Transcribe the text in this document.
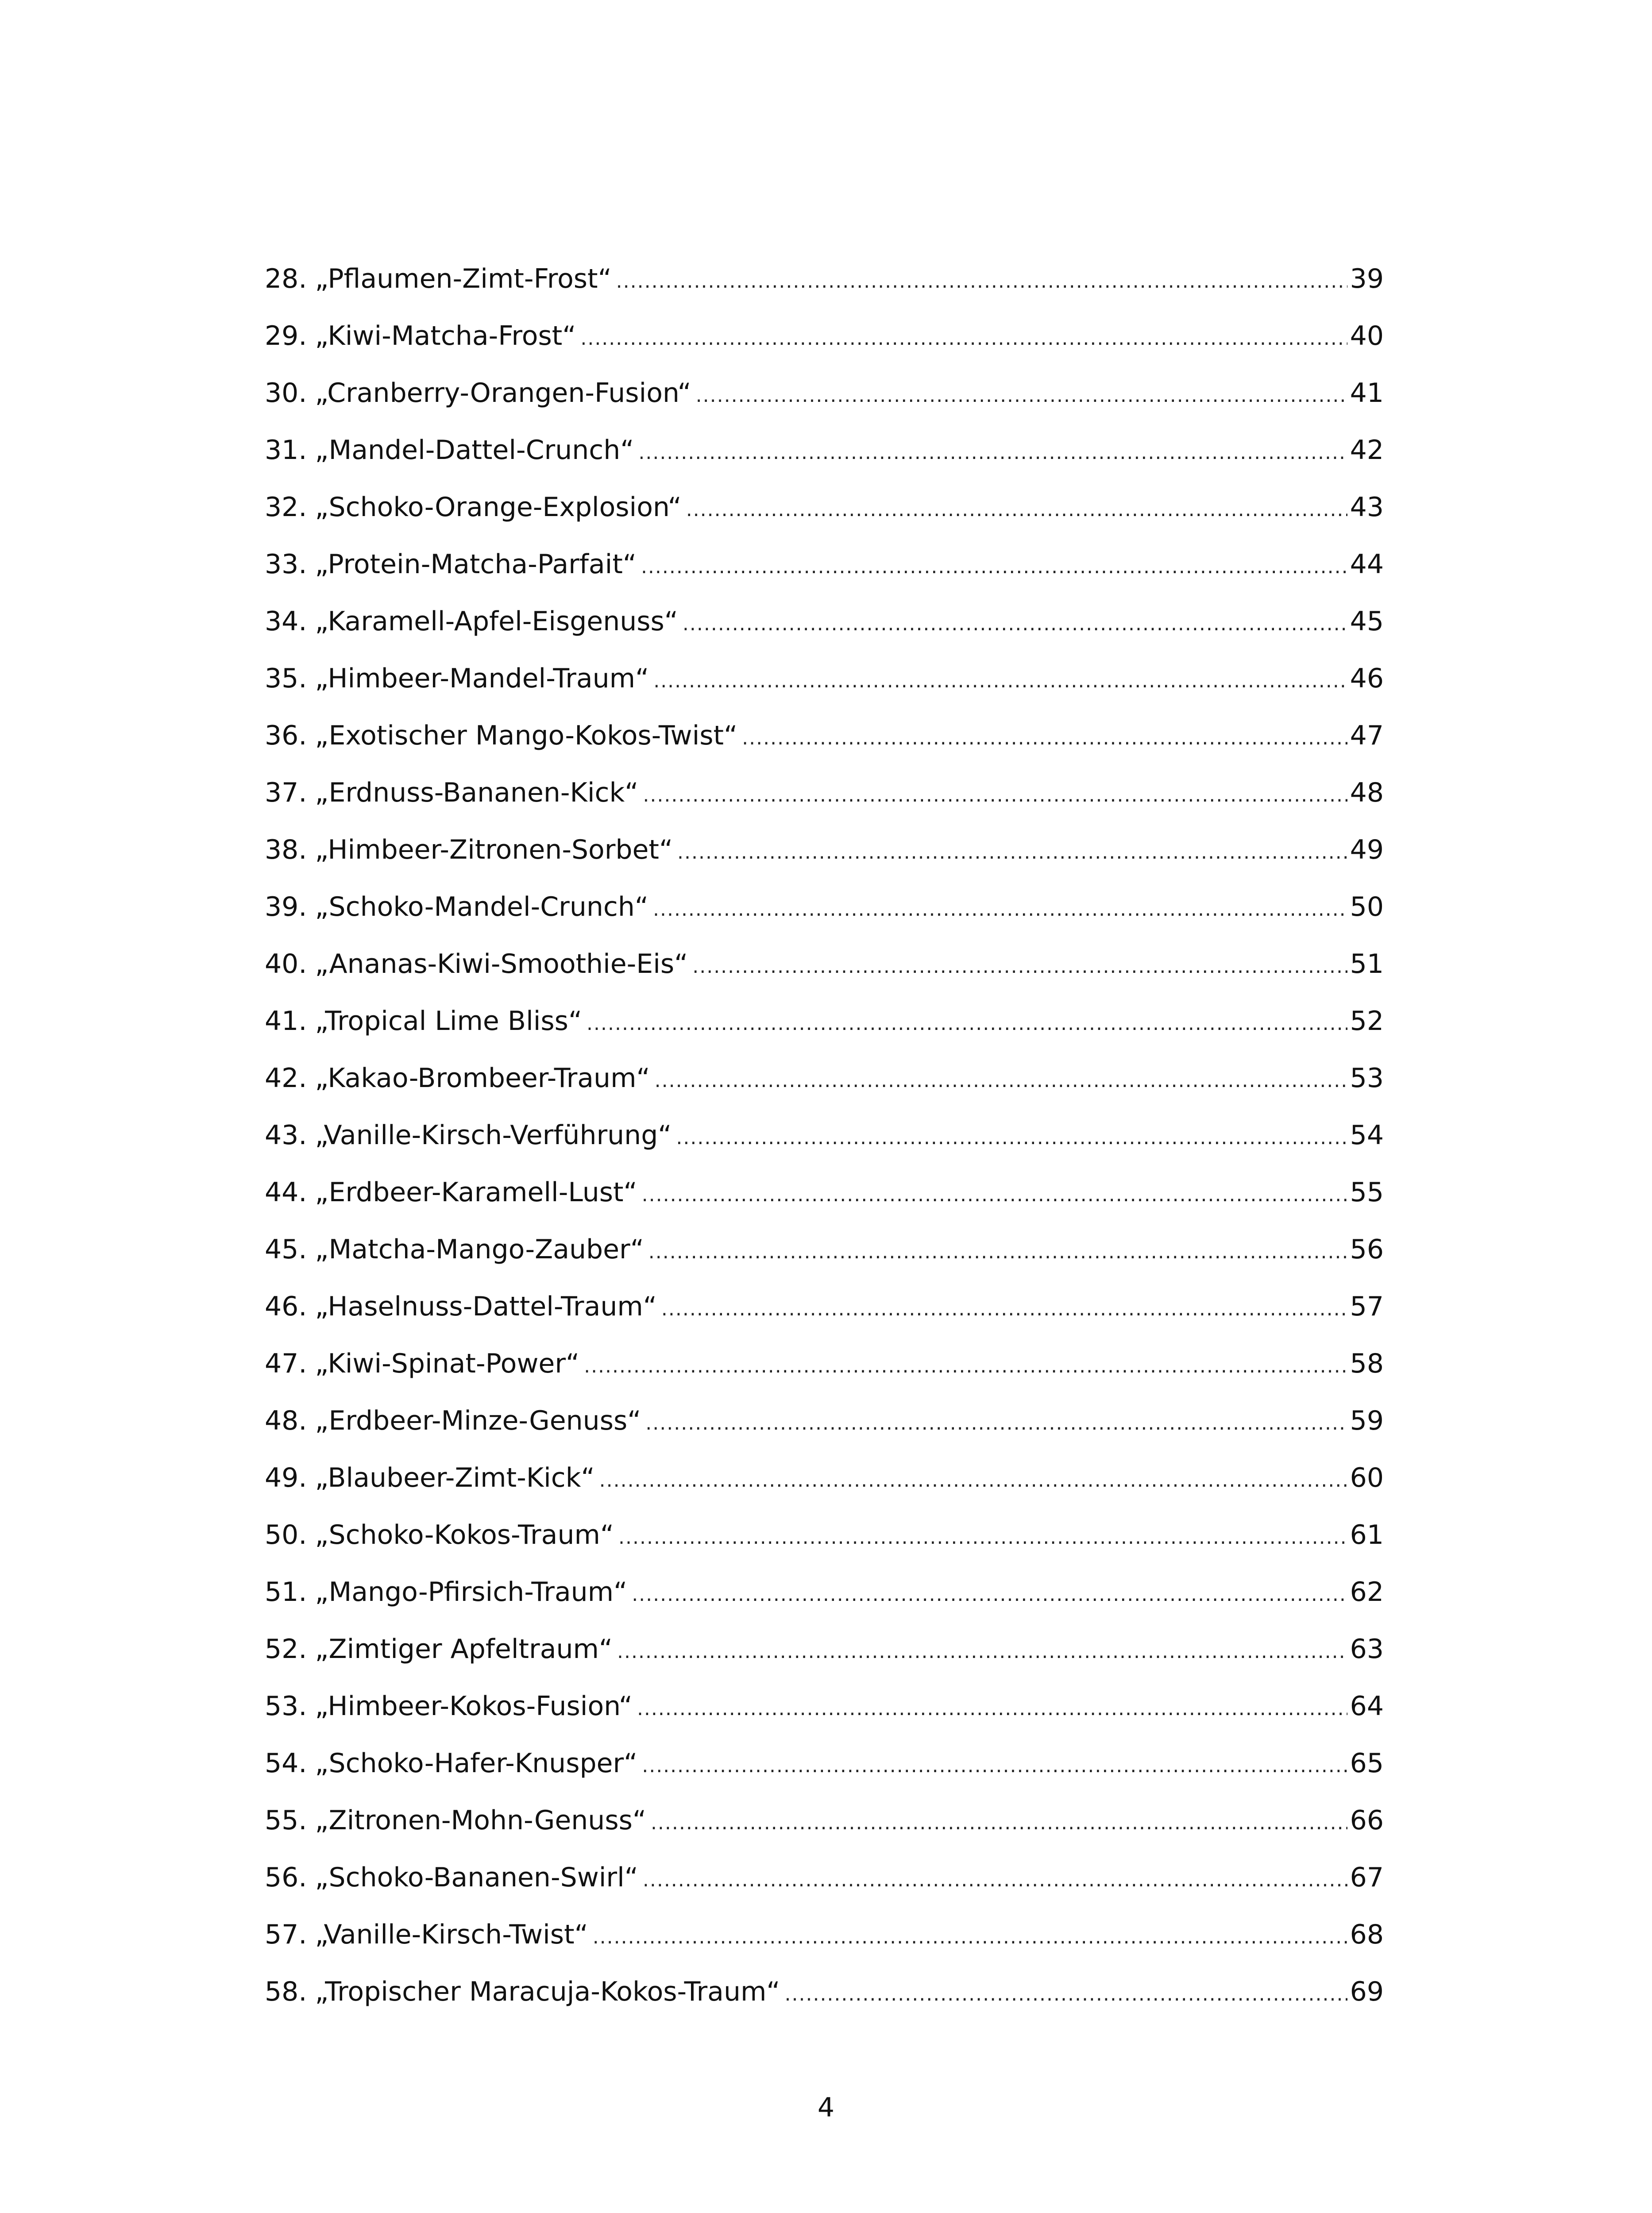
28. „Pflaumen-Zimt-Frost“ .....	39
29. „Kiwi-Matcha-Frost“ .....	40
30. „Cranberry-Orangen-Fusion“ .....	41
31. „Mandel-Dattel-Crunch“ .....	42
32. „Schoko-Orange-Explosion“ .....	43
33. „Protein-Matcha-Parfait“ .....	44
34. „Karamell-Apfel-Eisgenuss“ .....	45
35. „Himbeer-Mandel-Traum“ .....	46
36. „Exotischer Mango-Kokos-Twist“ .....	47
37. „Erdnuss-Bananen-Kick“ .....	48
38. „Himbeer-Zitronen-Sorbet“ .....	49
39. „Schoko-Mandel-Crunch“ .....	50
40. „Ananas-Kiwi-Smoothie-Eis“ .....	51
41. „Tropical Lime Bliss“ .....	52
42. „Kakao-Brombeer-Traum“ .....	53
43. „Vanille-Kirsch-Verführung“ .....	54
44. „Erdbeer-Karamell-Lust“ .....	55
45. „Matcha-Mango-Zauber“ .....	56
46. „Haselnuss-Dattel-Traum“ .....	57
47. „Kiwi-Spinat-Power“ .....	58
48. „Erdbeer-Minze-Genuss“ .....	59
49. „Blaubeer-Zimt-Kick“ .....	60
50. „Schoko-Kokos-Traum“ .....	61
51. „Mango-Pfirsich-Traum“ .....	62
52. „Zimtiger Apfeltraum“ .....	63
53. „Himbeer-Kokos-Fusion“ .....	64
54. „Schoko-Hafer-Knusper“ .....	65
55. „Zitronen-Mohn-Genuss“ .....	66
56. „Schoko-Bananen-Swirl“ .....	67
57. „Vanille-Kirsch-Twist“ .....	68
58. „Tropischer Maracuja-Kokos-Traum“ .....	69
4
